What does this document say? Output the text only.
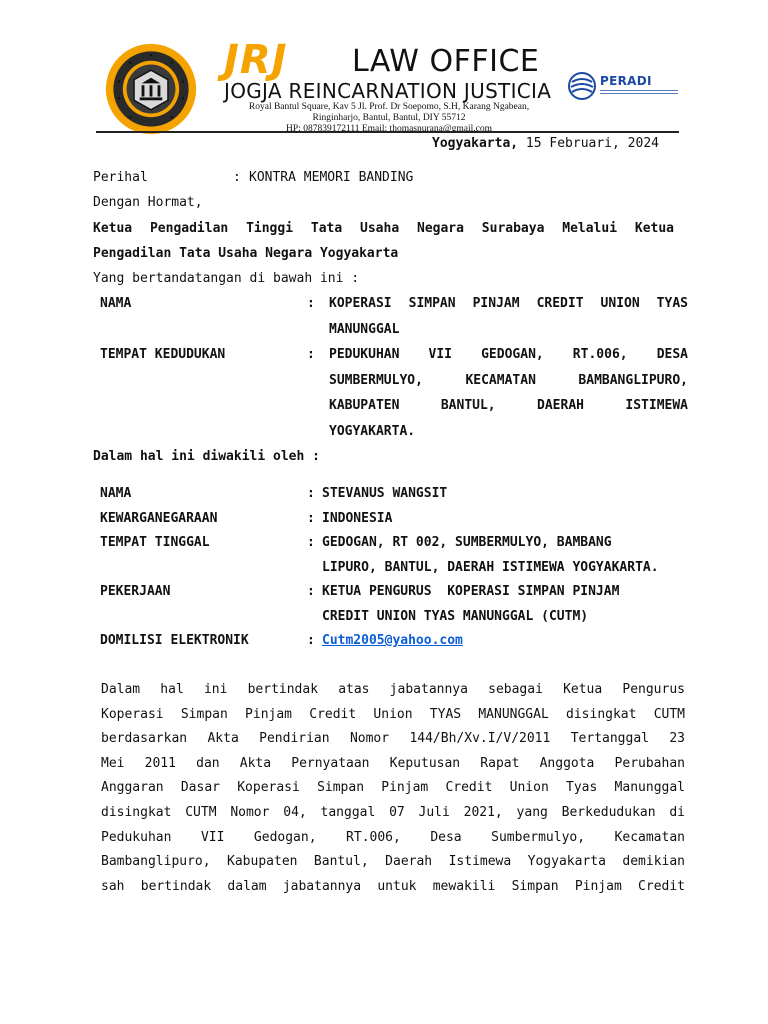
JRJ LAW OFFICE
JOGJA REINCARNATION JUSTICIA
Royal Bantul Square, Kav 5 Jl. Prof. Dr Soepomo, S.H, Karang Ngabean,
Ringinharjo, Bantul, Bantul, DIY 55712
HP: 087839172111 Email: thomasnurana@gmail.com
PERADI
Yogyakarta, 15 Februari, 2024
Perihal	: KONTRA MEMORI BANDING
Dengan Hormat,
Ketua Pengadilan Tinggi Tata Usaha Negara Surabaya Melalui Ketua
Pengadilan Tata Usaha Negara Yogyakarta
Yang bertandatangan di bawah ini :
NAMA	: KOPERASI SIMPAN PINJAM CREDIT UNION TYAS
MANUNGGAL
TEMPAT KEDUDUKAN	: PEDUKUHAN VII GEDOGAN, RT.006, DESA
SUMBERMULYO, KECAMATAN BAMBANGLIPURO,
KABUPATEN BANTUL, DAERAH ISTIMEWA
YOGYAKARTA.
Dalam hal ini diwakili oleh :
NAMA	: STEVANUS WANGSIT
KEWARGANEGARAAN	: INDONESIA
TEMPAT TINGGAL	: GEDOGAN, RT 002, SUMBERMULYO, BAMBANG
LIPURO, BANTUL, DAERAH ISTIMEWA YOGYAKARTA.
PEKERJAAN	: KETUA PENGURUS  KOPERASI SIMPAN PINJAM
CREDIT UNION TYAS MANUNGGAL (CUTM)
DOMILISI ELEKTRONIK	: Cutm2005@yahoo.com
Dalam hal ini bertindak atas jabatannya sebagai Ketua Pengurus
Koperasi Simpan Pinjam Credit Union TYAS MANUNGGAL disingkat CUTM
berdasarkan Akta Pendirian Nomor 144/Bh/Xv.I/V/2011 Tertanggal 23
Mei 2011 dan Akta Pernyataan Keputusan Rapat Anggota Perubahan
Anggaran Dasar Koperasi Simpan Pinjam Credit Union Tyas Manunggal
disingkat CUTM Nomor 04, tanggal 07 Juli 2021, yang Berkedudukan di
Pedukuhan VII Gedogan, RT.006, Desa Sumbermulyo, Kecamatan
Bambanglipuro, Kabupaten Bantul, Daerah Istimewa Yogyakarta demikian
sah bertindak dalam jabatannya untuk mewakili Simpan Pinjam Credit
